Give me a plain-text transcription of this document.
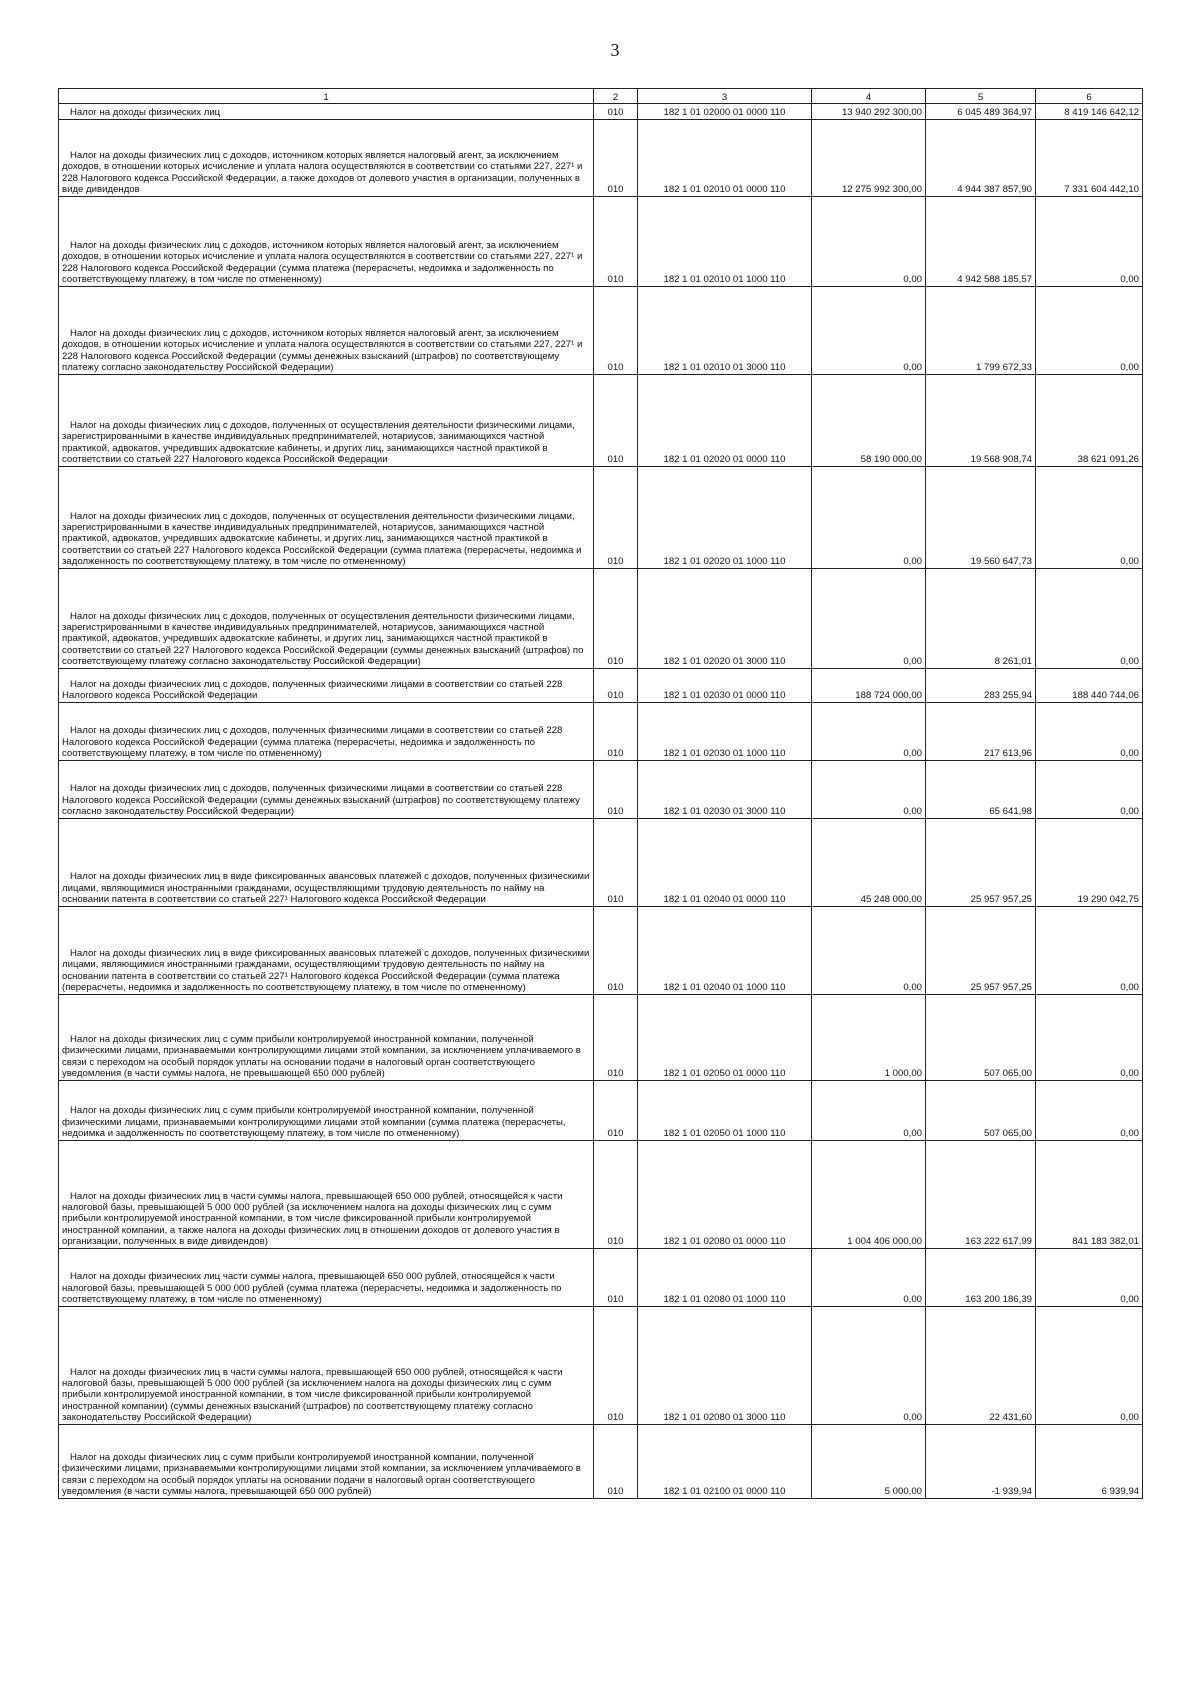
3
1	2	3	4	5	6

Налог на доходы физических лиц	010	182 1 01 02000 01 0000 110	13 940 292 300,00	6 045 489 364,97	8 419 146 642,12

Налог на доходы физических лиц с доходов, источником которых является налоговый агент, за исключением доходов, в отношении которых исчисление и уплата налога осуществляются в соответствии со статьями 227, 227¹ и 228 Налогового кодекса Российской Федерации, а также доходов от долевого участия в организации, полученных в виде дивидендов	010	182 1 01 02010 01 0000 110	12 275 992 300,00	4 944 387 857,90	7 331 604 442,10

Налог на доходы физических лиц с доходов, источником которых является налоговый агент, за исключением доходов, в отношении которых исчисление и уплата налога осуществляются в соответствии со статьями 227, 227¹ и 228 Налогового кодекса Российской Федерации (сумма платежа (перерасчеты, недоимка и задолженность по соответствующему платежу, в том числе по отмененному)	010	182 1 01 02010 01 1000 110	0,00	4 942 588 185,57	0,00

Налог на доходы физических лиц с доходов, источником которых является налоговый агент, за исключением доходов, в отношении которых исчисление и уплата налога осуществляются в соответствии со статьями 227, 227¹ и 228 Налогового кодекса Российской Федерации (суммы денежных взысканий (штрафов) по соответствующему платежу согласно законодательству Российской Федерации)	010	182 1 01 02010 01 3000 110	0,00	1 799 672,33	0,00

Налог на доходы физических лиц с доходов, полученных от осуществления деятельности физическими лицами, зарегистрированными в качестве индивидуальных предпринимателей, нотариусов, занимающихся частной практикой, адвокатов, учредивших адвокатские кабинеты, и других лиц, занимающихся частной практикой в соответствии со статьей 227 Налогового кодекса Российской Федерации	010	182 1 01 02020 01 0000 110	58 190 000,00	19 568 908,74	38 621 091,26

Налог на доходы физических лиц с доходов, полученных от осуществления деятельности физическими лицами, зарегистрированными в качестве индивидуальных предпринимателей, нотариусов, занимающихся частной практикой, адвокатов, учредивших адвокатские кабинеты, и других лиц, занимающихся частной практикой в соответствии со статьей 227 Налогового кодекса Российской Федерации (сумма платежа (перерасчеты, недоимка и задолженность по соответствующему платежу, в том числе по отмененному)	010	182 1 01 02020 01 1000 110	0,00	19 560 647,73	0,00

Налог на доходы физических лиц с доходов, полученных от осуществления деятельности физическими лицами, зарегистрированными в качестве индивидуальных предпринимателей, нотариусов, занимающихся частной практикой, адвокатов, учредивших адвокатские кабинеты, и других лиц, занимающихся частной практикой в соответствии со статьей 227 Налогового кодекса Российской Федерации (суммы денежных взысканий (штрафов) по соответствующему платежу согласно законодательству Российской Федерации)	010	182 1 01 02020 01 3000 110	0,00	8 261,01	0,00

Налог на доходы физических лиц с доходов, полученных физическими лицами в соответствии со статьей 228 Налогового кодекса Российской Федерации	010	182 1 01 02030 01 0000 110	188 724 000,00	283 255,94	188 440 744,06

Налог на доходы физических лиц с доходов, полученных физическими лицами в соответствии со статьей 228 Налогового кодекса Российской Федерации (сумма платежа (перерасчеты, недоимка и задолженность по соответствующему платежу, в том числе по отмененному)	010	182 1 01 02030 01 1000 110	0,00	217 613,96	0,00

Налог на доходы физических лиц с доходов, полученных физическими лицами в соответствии со статьей 228 Налогового кодекса Российской Федерации (суммы денежных взысканий (штрафов) по соответствующему платежу согласно законодательству Российской Федерации)	010	182 1 01 02030 01 3000 110	0,00	65 641,98	0,00

Налог на доходы физических лиц в виде фиксированных авансовых платежей с доходов, полученных физическими лицами, являющимися иностранными гражданами, осуществляющими трудовую деятельность по найму на основании патента в соответствии со статьей 227¹ Налогового кодекса Российской Федерации	010	182 1 01 02040 01 0000 110	45 248 000,00	25 957 957,25	19 290 042,75

Налог на доходы физических лиц в виде фиксированных авансовых платежей с доходов, полученных физическими лицами, являющимися иностранными гражданами, осуществляющими трудовую деятельность по найму на основании патента в соответствии со статьей 227¹ Налогового кодекса Российской Федерации (сумма платежа (перерасчеты, недоимка и задолженность по соответствующему платежу, в том числе по отмененному)	010	182 1 01 02040 01 1000 110	0,00	25 957 957,25	0,00

Налог на доходы физических лиц с сумм прибыли контролируемой иностранной компании, полученной физическими лицами, признаваемыми контролирующими лицами этой компании, за исключением уплачиваемого в связи с переходом на особый порядок уплаты на основании подачи в налоговый орган соответствующего уведомления (в части суммы налога, не превышающей 650 000 рублей)	010	182 1 01 02050 01 0000 110	1 000,00	507 065,00	0,00

Налог на доходы физических лиц с сумм прибыли контролируемой иностранной компании, полученной физическими лицами, признаваемыми контролирующими лицами этой компании (сумма платежа (перерасчеты, недоимка и задолженность по соответствующему платежу, в том числе по отмененному)	010	182 1 01 02050 01 1000 110	0,00	507 065,00	0,00

Налог на доходы физических лиц в части суммы налога, превышающей 650 000 рублей, относящейся к части налоговой базы, превышающей 5 000 000 рублей (за исключением налога на доходы физических лиц с сумм прибыли контролируемой иностранной компании, в том числе фиксированной прибыли контролируемой иностранной компании, а также налога на доходы физических лиц в отношении доходов от долевого участия в организации, полученных в виде дивидендов)	010	182 1 01 02080 01 0000 110	1 004 406 000,00	163 222 617,99	841 183 382,01

Налог на доходы физических лиц части суммы налога, превышающей 650 000 рублей, относящейся к части налоговой базы, превышающей 5 000 000 рублей (сумма платежа (перерасчеты, недоимка и задолженность по соответствующему платежу, в том числе по отмененному)	010	182 1 01 02080 01 1000 110	0,00	163 200 186,39	0,00

Налог на доходы физических лиц в части суммы налога, превышающей 650 000 рублей, относящейся к части налоговой базы, превышающей 5 000 000 рублей (за исключением налога на доходы физических лиц с сумм прибыли контролируемой иностранной компании, в том числе фиксированной прибыли контролируемой иностранной компании) (суммы денежных взысканий (штрафов) по соответствующему платежу согласно законодательству Российской Федерации)	010	182 1 01 02080 01 3000 110	0,00	22 431,60	0,00

Налог на доходы физических лиц с сумм прибыли контролируемой иностранной компании, полученной физическими лицами, признаваемыми контролирующими лицами этой компании, за исключением уплачиваемого в связи с переходом на особый порядок уплаты на основании подачи в налоговый орган соответствующего уведомления (в части суммы налога, превышающей 650 000 рублей)	010	182 1 01 02100 01 0000 110	5 000,00	-1 939,94	6 939,94
